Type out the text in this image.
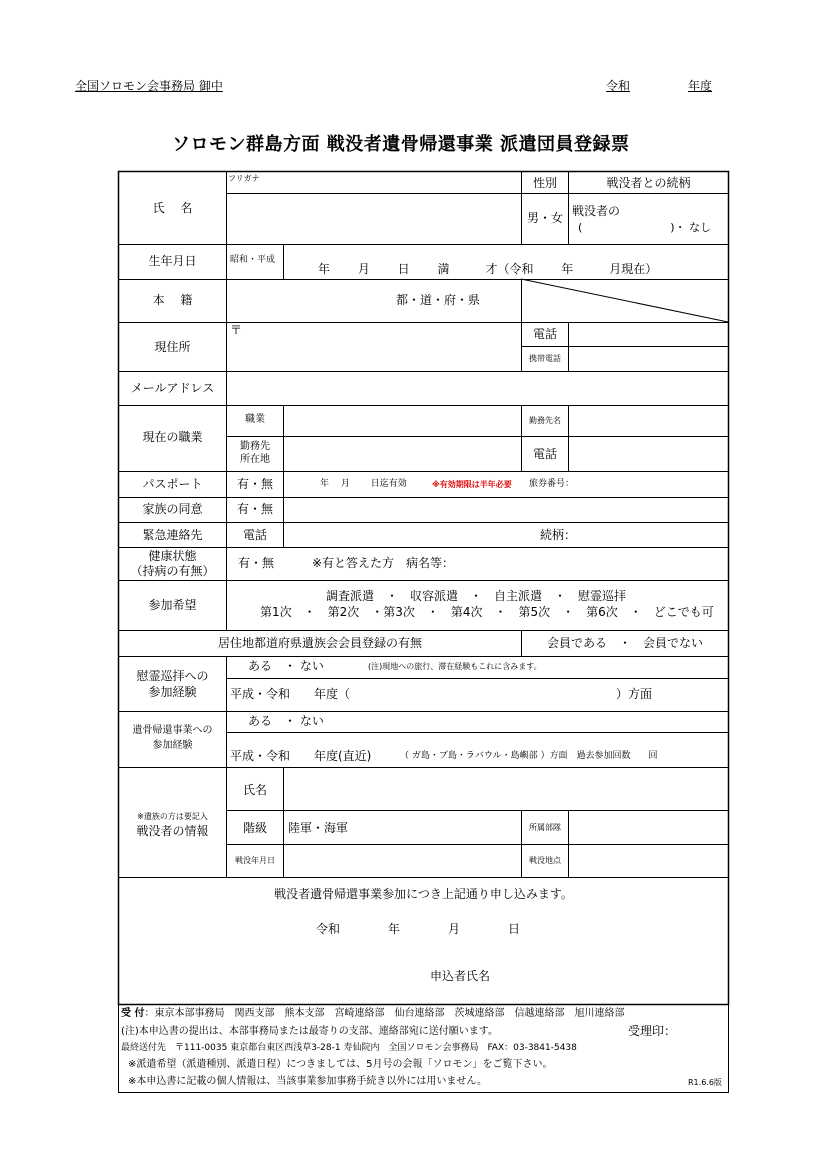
全国ソロモン会事務局 御中	令和	年度
ソロモン群島方面 戦没者遺骨帰還事業 派遣団員登録票
フリガナ
氏　 名
性別	戦没者との続柄
男・女 戦没者の
(　　　　　　　　)・ なし
生年月日	昭和・平成
年　　 月　　 日　　 満　　　才（令和　　 年　　　月現在）
本　 籍	都・道・府・県
現住所
〒	電話
携帯電話
メールアドレス
現在の職業
職業	勤務先名
勤務先
所在地	電話
パスポート	有・無	年　 月　　 日迄有効	※有効期限は半年必要 旅券番号：
家族の同意	有・無
緊急連絡先	電話	続柄：
健康状態
（持病の有無）
有・無	※有と答えた方　病名等：
参加希望
調査派遣　・　収容派遣　・　自主派遣　・　慰霊巡拝
第1次　・　第2次　・第3次　・　第4次　・　第5次　・　第6次　・　どこでも可
居住地都道府県遺族会会員登録の有無	会員である　・　会員でない
慰霊巡拝への
参加経験
ある　・ ない	(注)現地への旅行、滞在経験もこれに含みます。
平成・令和　　年度（	）方面
遺骨帰還事業への
参加経験
ある　・ ない
平成・令和　　年度(直近)	（ ガ島・ブ島・ラバウル・島嶼部 ）方面　過去参加回数　　回
※遺族の方は要記入
戦没者の情報
氏名
階級	陸軍・海軍	所属部隊
戦没年月日	戦没地点
戦没者遺骨帰還事業参加につき上記通り申し込みます。
令和　　　　年　　　　月　　　　日
申込者氏名
受 付：東京本部事務局　関西支部　熊本支部　宮崎連絡部　仙台連絡部　茨城連絡部　信越連絡部　旭川連絡部
(注)本申込書の提出は、本部事務局または最寄りの支部、連絡部宛に送付願います。	受理印：
最終送付先　〒111-0035 東京都台東区西浅草3-28-1 寿仙院内　全国ソロモン会事務局　FAX：03-3841-5438
※派遣希望（派遣種別、派遣日程）につきましては、5月号の会報「ソロモン」をご覧下さい。
※本申込書に記載の個人情報は、当該事業参加事務手続き以外には用いません。	R1.6.6版
